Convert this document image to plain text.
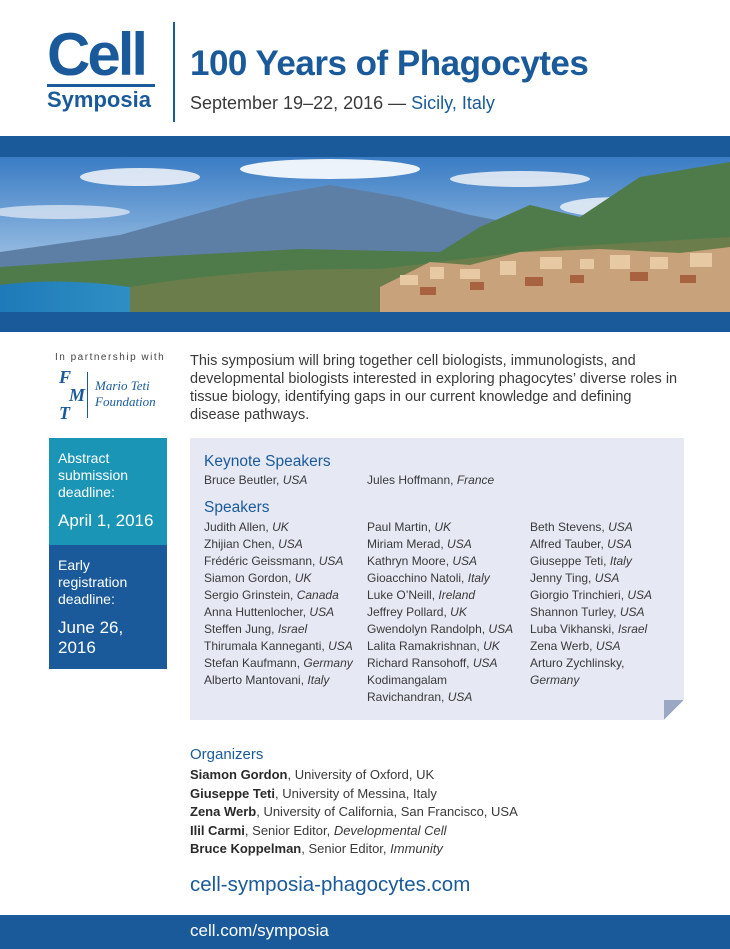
Cell
Symposia
100 Years of Phagocytes
September 19–22, 2016 — Sicily, Italy
In partnership with
F
M
T
Mario Teti
Foundation
Abstract submission deadline:
April 1, 2016
Early registration deadline:
June 26, 2016
This symposium will bring together cell biologists, immunologists, and developmental biologists interested in exploring phagocytes’ diverse roles in tissue biology, identifying gaps in our current knowledge and defining disease pathways.
Keynote Speakers
Bruce Beutler, USA	Jules Hoffmann, France
Speakers
Judith Allen, UK
Zhijian Chen, USA
Frédéric Geissmann, USA
Siamon Gordon, UK
Sergio Grinstein, Canada
Anna Huttenlocher, USA
Steffen Jung, Israel
Thirumala Kanneganti, USA
Stefan Kaufmann, Germany
Alberto Mantovani, Italy
Paul Martin, UK
Miriam Merad, USA
Kathryn Moore, USA
Gioacchino Natoli, Italy
Luke O’Neill, Ireland
Jeffrey Pollard, UK
Gwendolyn Randolph, USA
Lalita Ramakrishnan, UK
Richard Ransohoff, USA
Kodimangalam Ravichandran, USA
Beth Stevens, USA
Alfred Tauber, USA
Giuseppe Teti, Italy
Jenny Ting, USA
Giorgio Trinchieri, USA
Shannon Turley, USA
Luba Vikhanski, Israel
Zena Werb, USA
Arturo Zychlinsky, Germany
Organizers
Siamon Gordon, University of Oxford, UK
Giuseppe Teti, University of Messina, Italy
Zena Werb, University of California, San Francisco, USA
Ilil Carmi, Senior Editor, Developmental Cell
Bruce Koppelman, Senior Editor, Immunity
cell-symposia-phagocytes.com
cell.com/symposia
